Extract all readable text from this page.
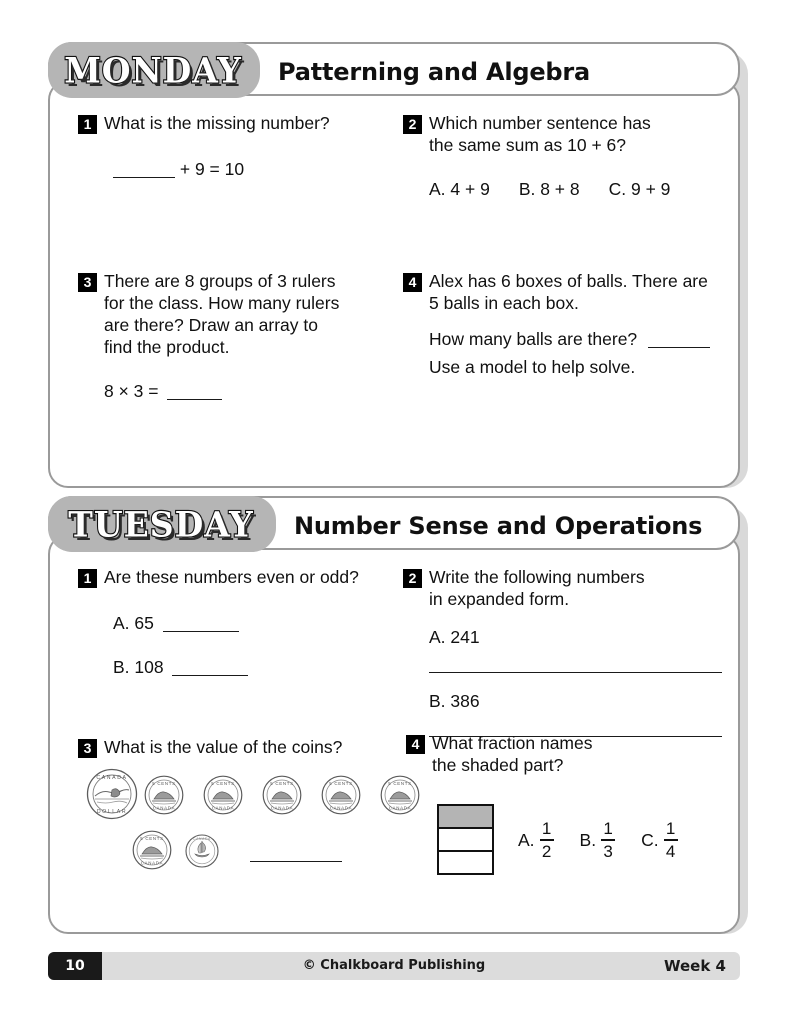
MONDAY Patterning and Algebra
1 What is the missing number?
+ 9 = 10
2 Which number sentence has
the same sum as 10 + 6?
A. 4 + 9 B. 8 + 8 C. 9 + 9
3 There are 8 groups of 3 rulers
for the class. How many rulers
are there? Draw an array to
find the product.
8 × 3 =
4 Alex has 6 boxes of balls. There are
5 balls in each box.
How many balls are there?
Use a model to help solve.
TUESDAY Number Sense and Operations
1 Are these numbers even or odd?
A. 65
B. 108
2 Write the following numbers
in expanded form.
A. 241
B. 386
3 What is the value of the coins?
CANADA
DOLLAR
5 CENTS
CANADA
5 CENTS
CANADA
5 CENTS
CANADA
5 CENTS
CANADA
5 CENTS
CANADA
5 CENTS
CANADA
CANADA
4 What fraction names
the shaded part?
A. $\frac{1}{2} B$. $\frac{1}{3} C$. $\frac{1}{4}$
© Chalkboard Publishing
10	Week 4
